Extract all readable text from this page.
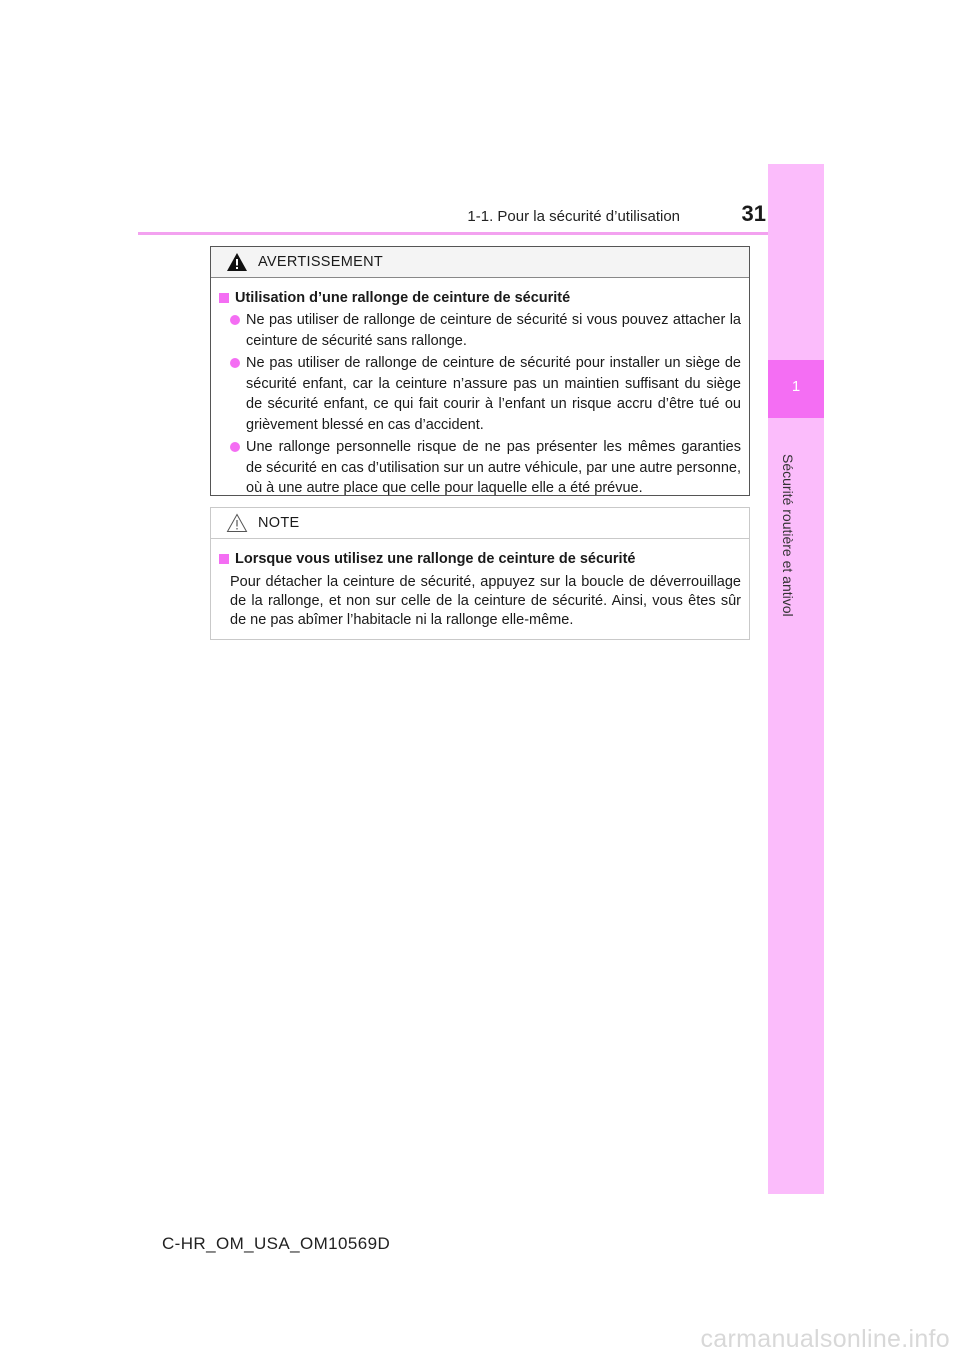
1-1. Pour la sécurité d’utilisation	31
1
Sécurité routière et antivol
AVERTISSEMENT
Utilisation d’une rallonge de ceinture de sécurité
Ne pas utiliser de rallonge de ceinture de sécurité si vous pouvez attacher la ceinture de sécurité sans rallonge.
Ne pas utiliser de rallonge de ceinture de sécurité pour installer un siège de sécurité enfant, car la ceinture n’assure pas un maintien suffisant du siège de sécurité enfant, ce qui fait courir à l’enfant un risque accru d’être tué ou grièvement blessé en cas d’accident.
Une rallonge personnelle risque de ne pas présenter les mêmes garanties de sécurité en cas d’utilisation sur un autre véhicule, par une autre personne, où à une autre place que celle pour laquelle elle a été prévue.
NOTE
Lorsque vous utilisez une rallonge de ceinture de sécurité
Pour détacher la ceinture de sécurité, appuyez sur la boucle de déverrouillage de la rallonge, et non sur celle de la ceinture de sécurité. Ainsi, vous êtes sûr de ne pas abîmer l’habitacle ni la rallonge elle-même.
C-HR_OM_USA_OM10569D
carmanualsonline.info
